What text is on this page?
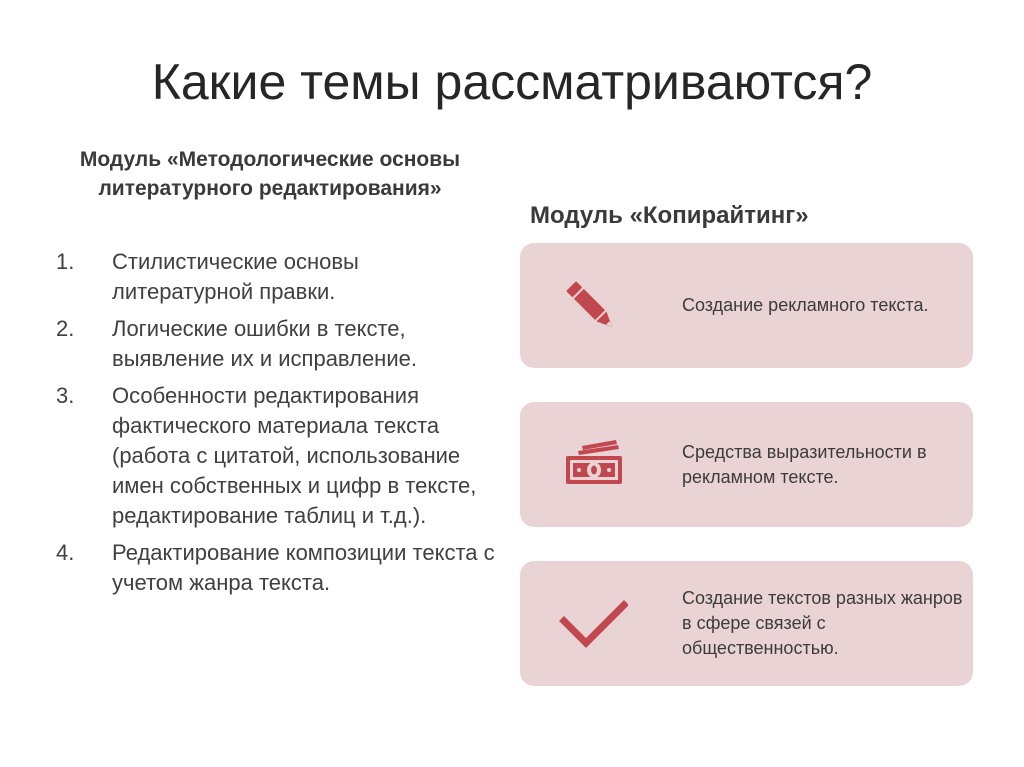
Какие темы рассматриваются?
Модуль «Методологические основы литературного редактирования»
1.	Стилистические основы литературной правки.
2.	Логические ошибки в тексте, выявление их и исправление.
3.	Особенности редактирования фактического материала текста (работа с цитатой, использование имен собственных и цифр в тексте, редактирование таблиц и т.д.).
4.	Редактирование композиции текста с учетом жанра текста.
Модуль «Копирайтинг»
Создание рекламного текста.
Средства выразительности в рекламном тексте.
Создание текстов разных жанров в сфере связей с общественностью.
